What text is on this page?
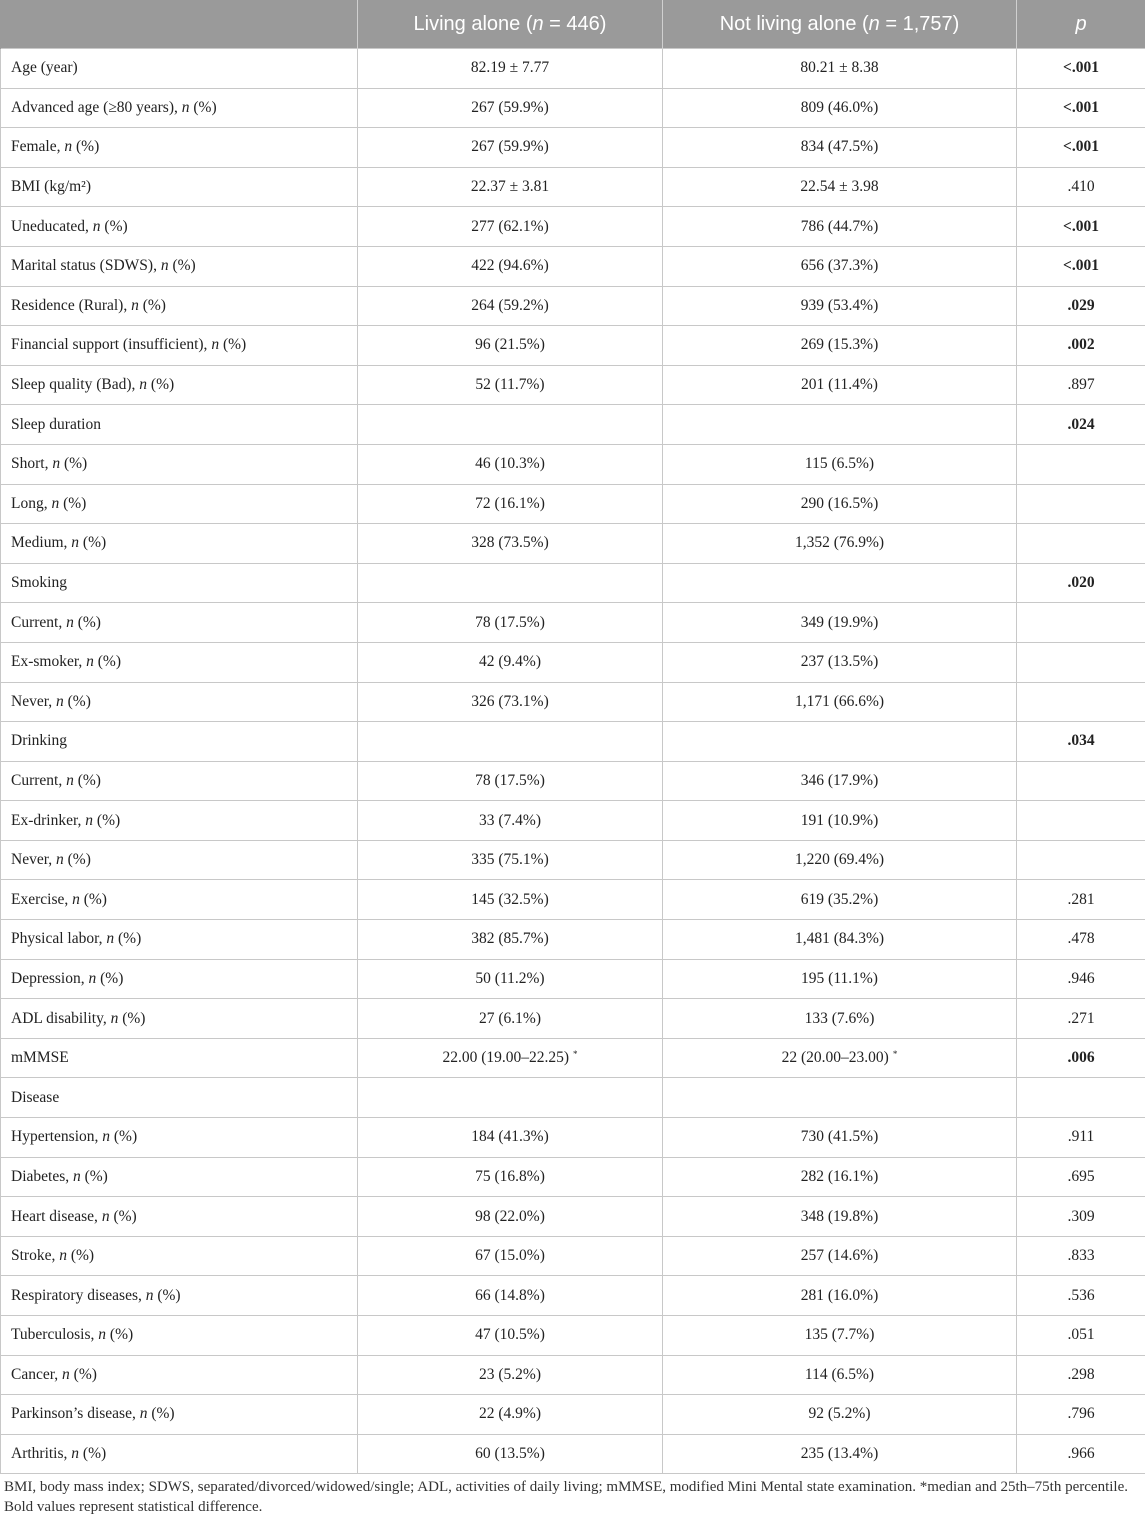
	Living alone (n = 446)	Not living alone (n = 1,757)	p
Age (year)	82.19 ± 7.77	80.21 ± 8.38	<.001
Advanced age (≥80 years), n (%)	267 (59.9%)	809 (46.0%)	<.001
Female, n (%)	267 (59.9%)	834 (47.5%)	<.001
BMI (kg/m²)	22.37 ± 3.81	22.54 ± 3.98	.410
Uneducated, n (%)	277 (62.1%)	786 (44.7%)	<.001
Marital status (SDWS), n (%)	422 (94.6%)	656 (37.3%)	<.001
Residence (Rural), n (%)	264 (59.2%)	939 (53.4%)	.029
Financial support (insufficient), n (%)	96 (21.5%)	269 (15.3%)	.002
Sleep quality (Bad), n (%)	52 (11.7%)	201 (11.4%)	.897
Sleep duration			.024
Short, n (%)	46 (10.3%)	115 (6.5%)	
Long, n (%)	72 (16.1%)	290 (16.5%)	
Medium, n (%)	328 (73.5%)	1,352 (76.9%)	
Smoking			.020
Current, n (%)	78 (17.5%)	349 (19.9%)	
Ex-smoker, n (%)	42 (9.4%)	237 (13.5%)	
Never, n (%)	326 (73.1%)	1,171 (66.6%)	
Drinking			.034
Current, n (%)	78 (17.5%)	346 (17.9%)	
Ex-drinker, n (%)	33 (7.4%)	191 (10.9%)	
Never, n (%)	335 (75.1%)	1,220 (69.4%)	
Exercise, n (%)	145 (32.5%)	619 (35.2%)	.281
Physical labor, n (%)	382 (85.7%)	1,481 (84.3%)	.478
Depression, n (%)	50 (11.2%)	195 (11.1%)	.946
ADL disability, n (%)	27 (6.1%)	133 (7.6%)	.271
mMMSE	22.00 (19.00–22.25) *	22 (20.00–23.00) *	.006
Disease			
Hypertension, n (%)	184 (41.3%)	730 (41.5%)	.911
Diabetes, n (%)	75 (16.8%)	282 (16.1%)	.695
Heart disease, n (%)	98 (22.0%)	348 (19.8%)	.309
Stroke, n (%)	67 (15.0%)	257 (14.6%)	.833
Respiratory diseases, n (%)	66 (14.8%)	281 (16.0%)	.536
Tuberculosis, n (%)	47 (10.5%)	135 (7.7%)	.051
Cancer, n (%)	23 (5.2%)	114 (6.5%)	.298
Parkinson’s disease, n (%)	22 (4.9%)	92 (5.2%)	.796
Arthritis, n (%)	60 (13.5%)	235 (13.4%)	.966
BMI, body mass index; SDWS, separated/divorced/widowed/single; ADL, activities of daily living; mMMSE, modified Mini Mental state examination. *median and 25th–75th percentile. Bold values represent statistical difference.
